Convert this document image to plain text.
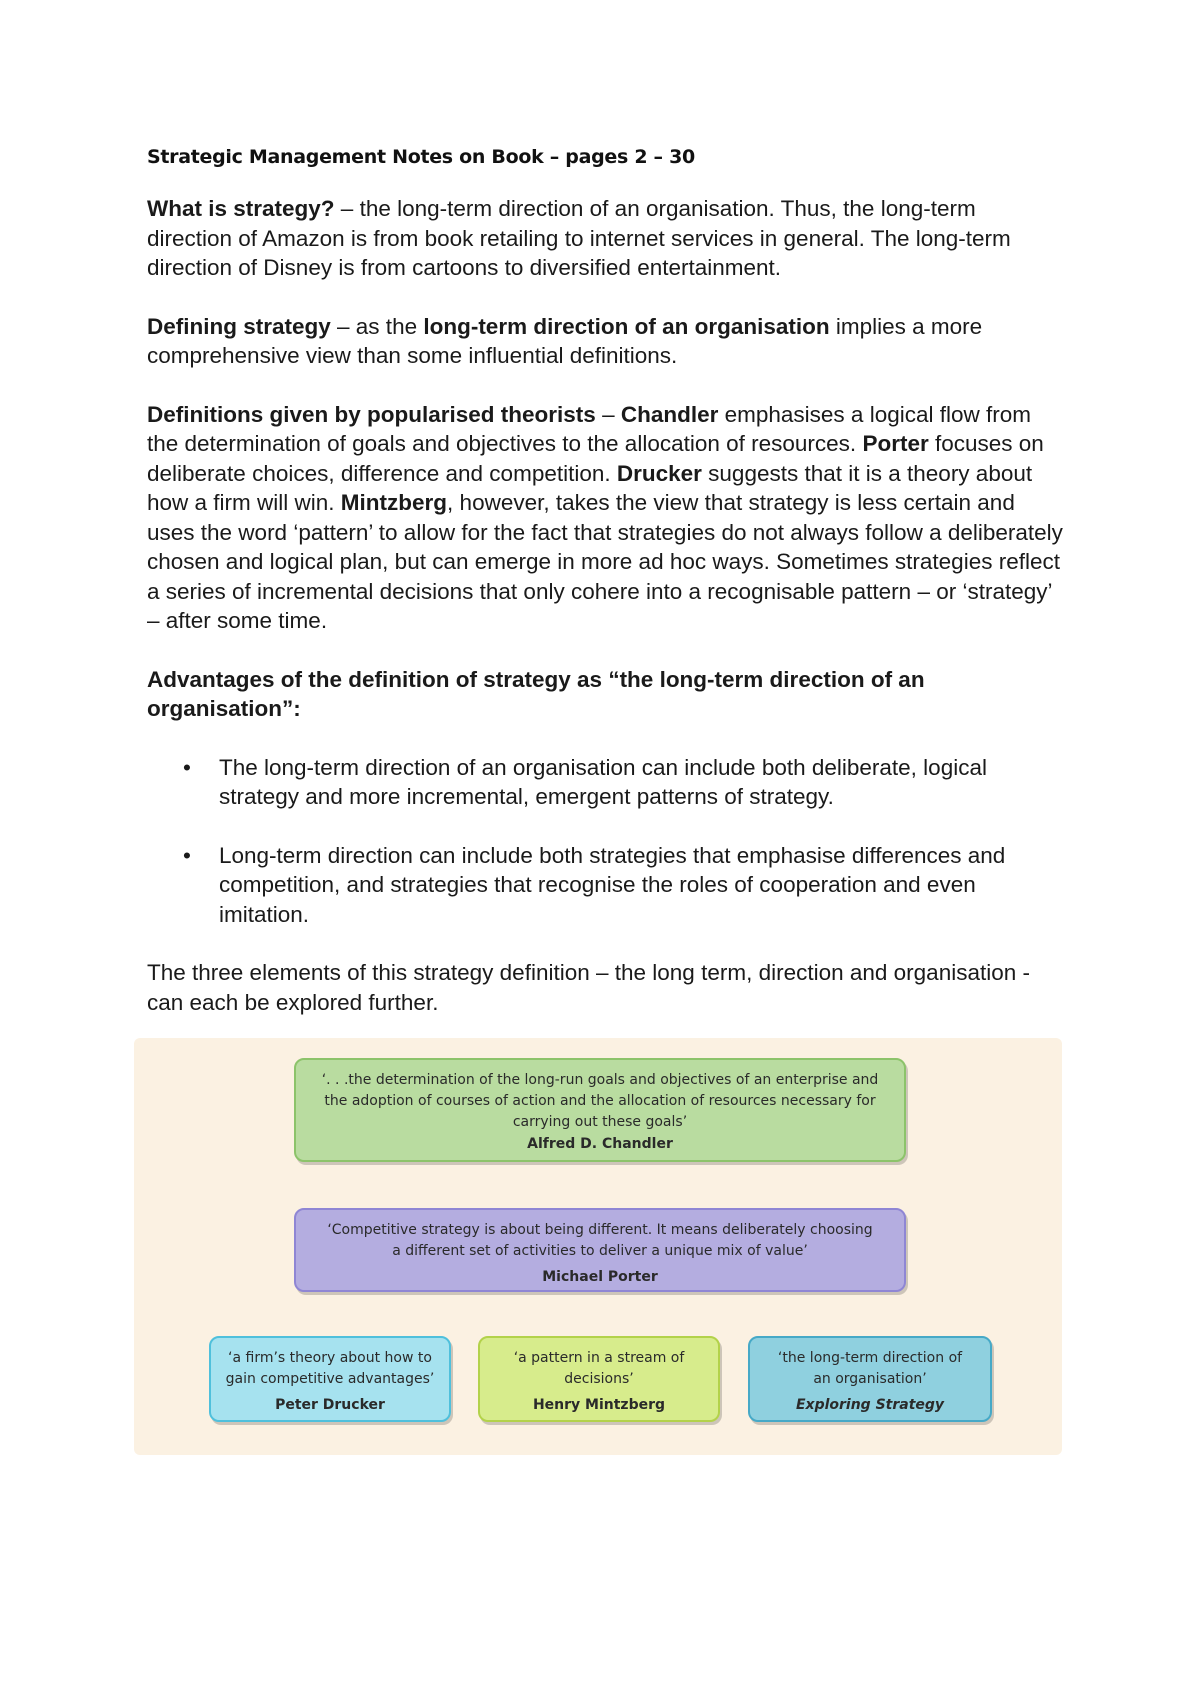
Strategic Management Notes on Book – pages 2 – 30

What is strategy? – the long-term direction of an organisation. Thus, the long-term direction of Amazon is from book retailing to internet services in general. The long-term direction of Disney is from cartoons to diversified entertainment.

Defining strategy – as the long-term direction of an organisation implies a more comprehensive view than some influential definitions.

Definitions given by popularised theorists – Chandler emphasises a logical flow from the determination of goals and objectives to the allocation of resources. Porter focuses on deliberate choices, difference and competition. Drucker suggests that it is a theory about how a firm will win. Mintzberg, however, takes the view that strategy is less certain and uses the word ‘pattern’ to allow for the fact that strategies do not always follow a deliberately chosen and logical plan, but can emerge in more ad hoc ways. Sometimes strategies reflect a series of incremental decisions that only cohere into a recognisable pattern – or ‘strategy’ – after some time.

Advantages of the definition of strategy as “the long-term direction of an organisation”:

• The long-term direction of an organisation can include both deliberate, logical strategy and more incremental, emergent patterns of strategy.
• Long-term direction can include both strategies that emphasise differences and competition, and strategies that recognise the roles of cooperation and even imitation.

The three elements of this strategy definition – the long term, direction and organisation - can each be explored further.

‘. . .the determination of the long-run goals and objectives of an enterprise and the adoption of courses of action and the allocation of resources necessary for carrying out these goals’
Alfred D. Chandler
‘Competitive strategy is about being different. It means deliberately choosing a different set of activities to deliver a unique mix of value’
Michael Porter
‘a firm’s theory about how to gain competitive advantages’
Peter Drucker
‘a pattern in a stream of decisions’
Henry Mintzberg
‘the long-term direction of an organisation’
Exploring Strategy
